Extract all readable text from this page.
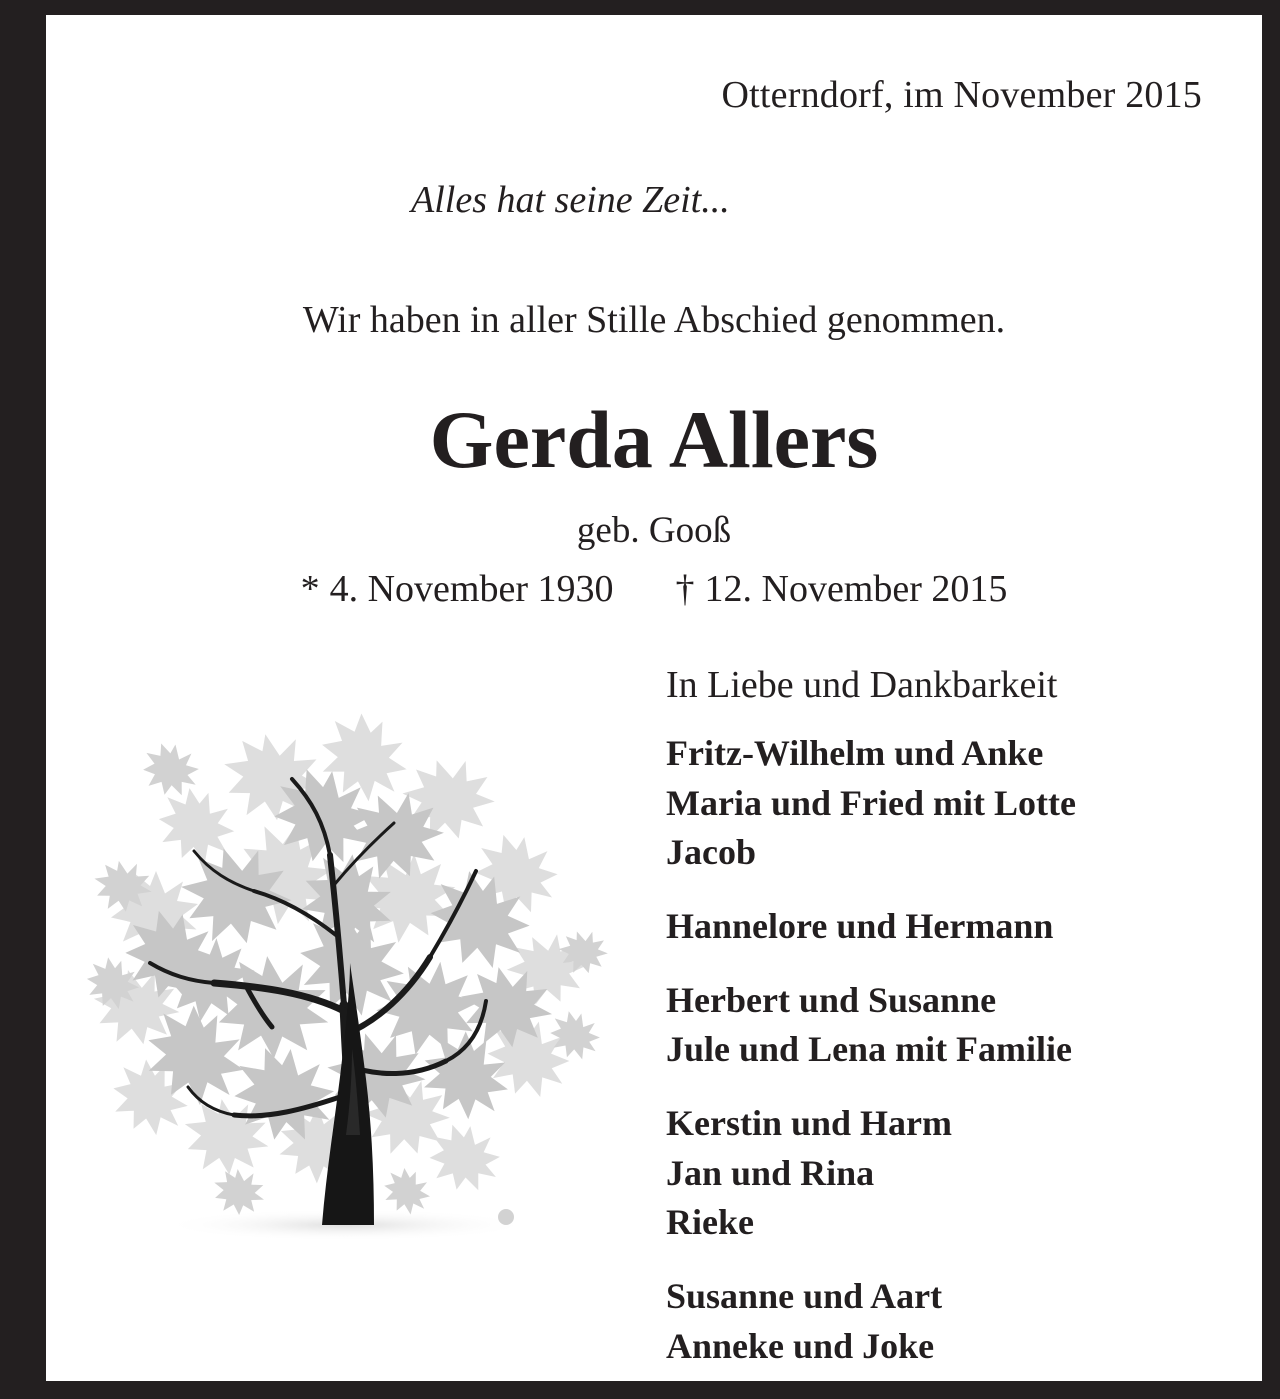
Otterndorf, im November 2015
Alles hat seine Zeit...
Wir haben in aller Stille Abschied genommen.
Gerda Allers
geb. Gooß
* 4. November 1930 † 12. November 2015
In Liebe und Dankbarkeit
Fritz-Wilhelm und Anke
Maria und Fried mit Lotte
Jacob
Hannelore und Hermann
Herbert und Susanne
Jule und Lena mit Familie
Kerstin und Harm
Jan und Rina
Rieke
Susanne und Aart
Anneke und Joke
